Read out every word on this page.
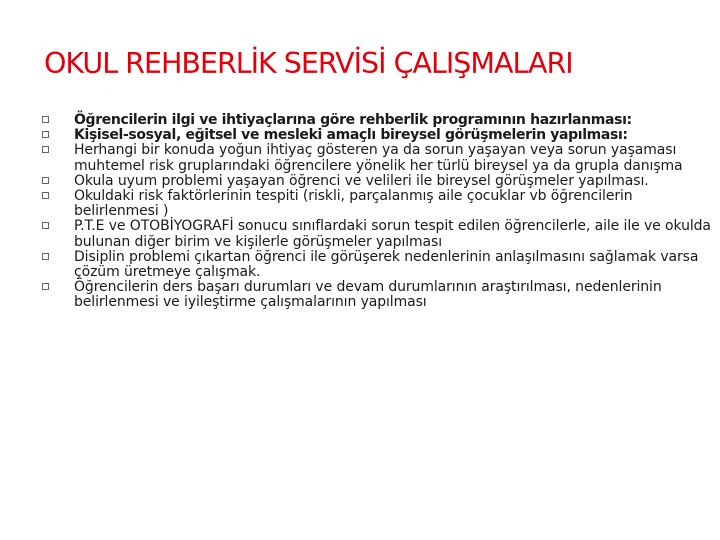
OKUL REHBERLİK SERVİSİ ÇALIŞMALARI
Öğrencilerin ilgi ve ihtiyaçlarına göre rehberlik programının hazırlanması:
Kişisel-sosyal, eğitsel ve mesleki amaçlı bireysel görüşmelerin yapılması:
Herhangi bir konuda yoğun ihtiyaç gösteren ya da sorun yaşayan veya sorun yaşaması muhtemel risk gruplarındaki öğrencilere yönelik her türlü bireysel ya da grupla danışma
Okula uyum problemi yaşayan öğrenci ve velileri ile bireysel görüşmeler yapılması.
Okuldaki risk faktörlerinin tespiti (riskli, parçalanmış aile çocuklar vb öğrencilerin belirlenmesi )
P.T.E ve OTOBİYOGRAFİ sonucu sınıflardaki sorun tespit edilen öğrencilerle, aile ile ve okulda bulunan diğer birim ve kişilerle görüşmeler yapılması
Disiplin problemi çıkartan öğrenci ile görüşerek nedenlerinin anlaşılmasını sağlamak varsa çözüm üretmeye çalışmak.
Öğrencilerin ders başarı durumları ve devam durumlarının araştırılması, nedenlerinin belirlenmesi ve iyileştirme çalışmalarının yapılması
